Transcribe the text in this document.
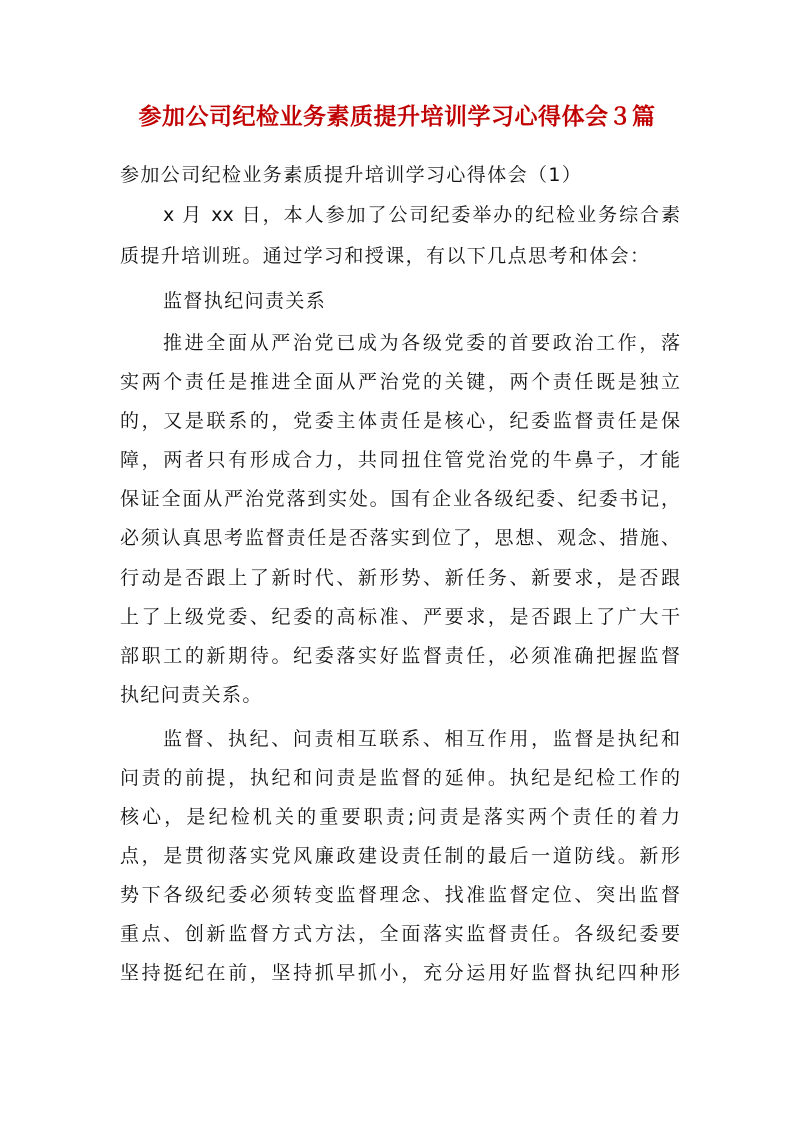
参加公司纪检业务素质提升培训学习心得体会３篇
参加公司纪检业务素质提升培训学习心得体会（1）
x 月 xx 日，本人参加了公司纪委举办的纪检业务综合素
质提升培训班。通过学习和授课，有以下几点思考和体会：
监督执纪问责关系
推进全面从严治党已成为各级党委的首要政治工作，落
实两个责任是推进全面从严治党的关键，两个责任既是独立
的，又是联系的，党委主体责任是核心，纪委监督责任是保
障，两者只有形成合力，共同扭住管党治党的牛鼻子，才能
保证全面从严治党落到实处。国有企业各级纪委、纪委书记，
必须认真思考监督责任是否落实到位了，思想、观念、措施、
行动是否跟上了新时代、新形势、新任务、新要求，是否跟
上了上级党委、纪委的高标准、严要求，是否跟上了广大干
部职工的新期待。纪委落实好监督责任，必须准确把握监督
执纪问责关系。
监督、执纪、问责相互联系、相互作用，监督是执纪和
问责的前提，执纪和问责是监督的延伸。执纪是纪检工作的
核心，是纪检机关的重要职责;问责是落实两个责任的着力
点，是贯彻落实党风廉政建设责任制的最后一道防线。新形
势下各级纪委必须转变监督理念、找准监督定位、突出监督
重点、创新监督方式方法，全面落实监督责任。各级纪委要
坚持挺纪在前，坚持抓早抓小，充分运用好监督执纪四种形
